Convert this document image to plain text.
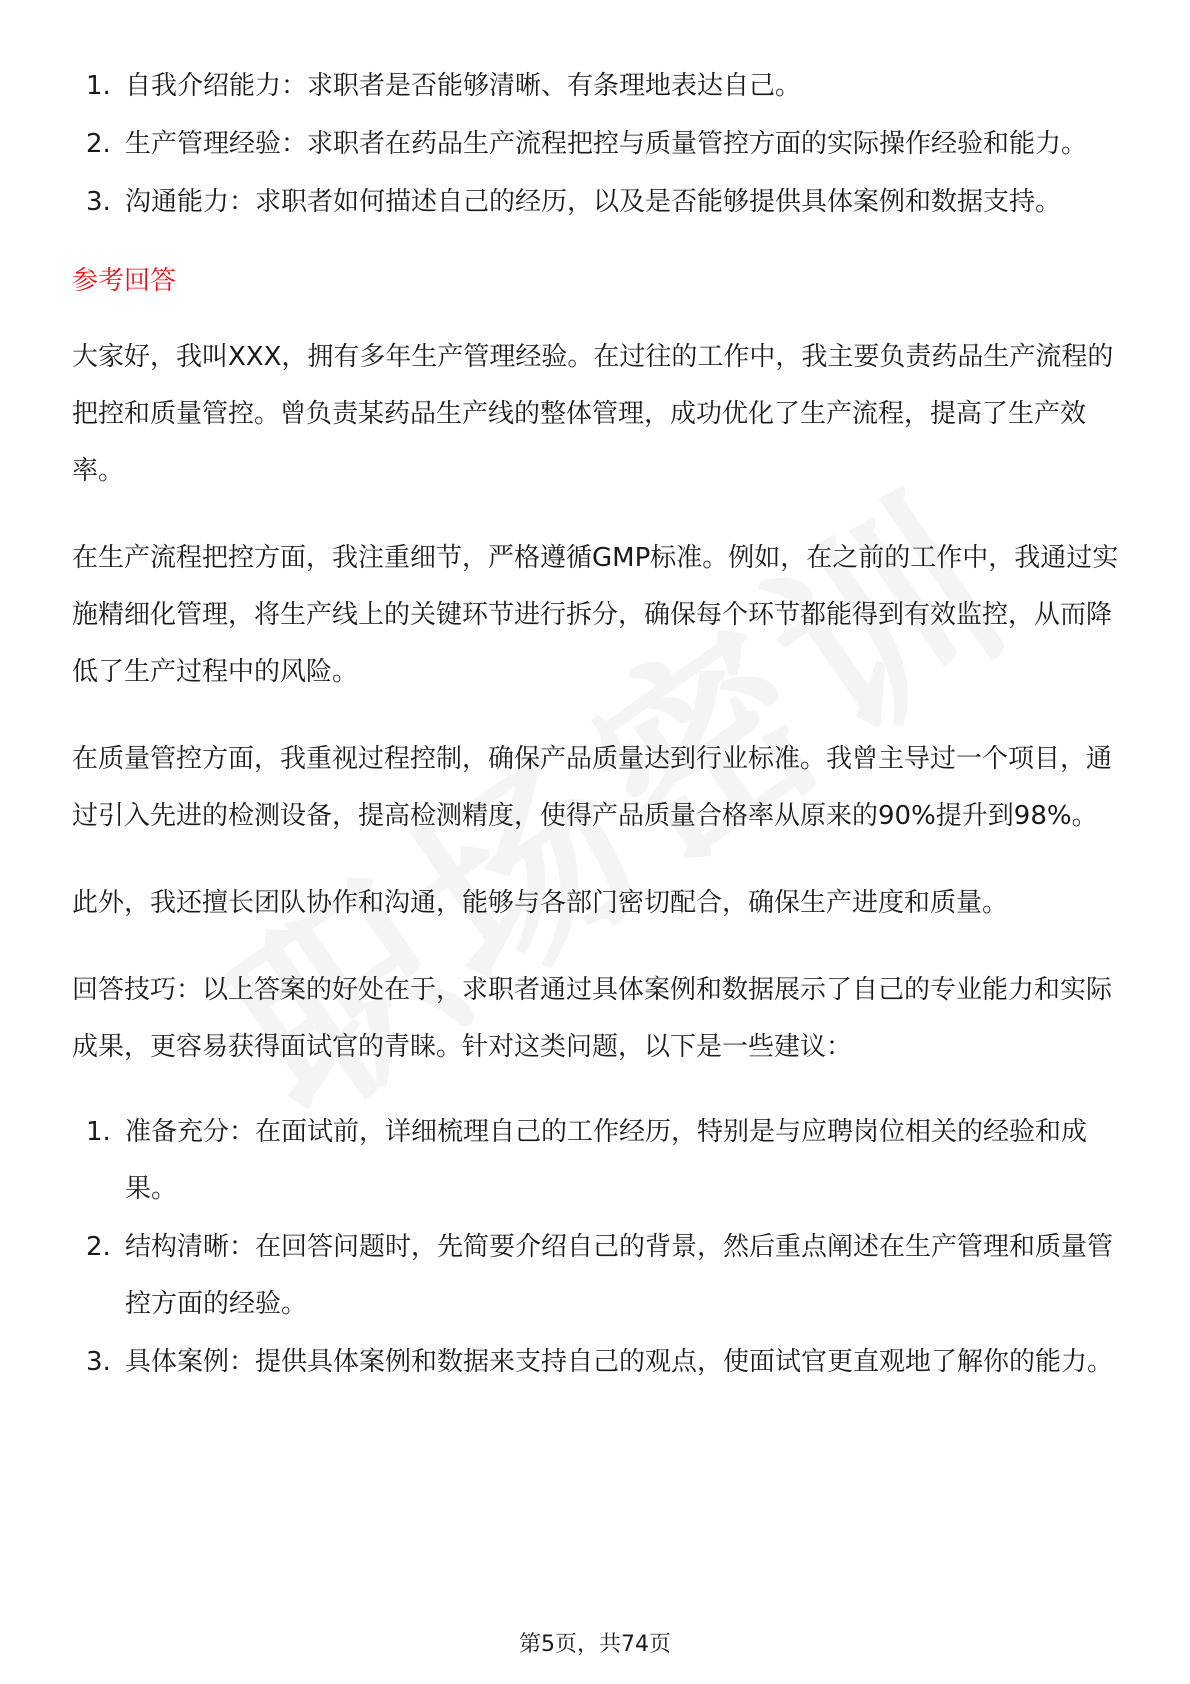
1. 自我介绍能力：求职者是否能够清晰、有条理地表达自己。
2. 生产管理经验：求职者在药品生产流程把控与质量管控方面的实际操作经验和能力。
3. 沟通能力：求职者如何描述自己的经历，以及是否能够提供具体案例和数据支持。
参考回答

大家好，我叫XXX，拥有多年生产管理经验。在过往的工作中，我主要负责药品生产流程的把控和质量管控。曾负责某药品生产线的整体管理，成功优化了生产流程，提高了生产效率。

在生产流程把控方面，我注重细节，严格遵循GMP标准。例如，在之前的工作中，我通过实施精细化管理，将生产线上的关键环节进行拆分，确保每个环节都能得到有效监控，从而降低了生产过程中的风险。

在质量管控方面，我重视过程控制，确保产品质量达到行业标准。我曾主导过一个项目，通过引入先进的检测设备，提高检测精度，使得产品质量合格率从原来的90%提升到98%。

此外，我还擅长团队协作和沟通，能够与各部门密切配合，确保生产进度和质量。

回答技巧：以上答案的好处在于，求职者通过具体案例和数据展示了自己的专业能力和实际成果，更容易获得面试官的青睐。针对这类问题，以下是一些建议：

1. 准备充分：在面试前，详细梳理自己的工作经历，特别是与应聘岗位相关的经验和成果。
2. 结构清晰：在回答问题时，先简要介绍自己的背景，然后重点阐述在生产管理和质量管控方面的经验。
3. 具体案例：提供具体案例和数据来支持自己的观点，使面试官更直观地了解你的能力。
第5页，共74页
